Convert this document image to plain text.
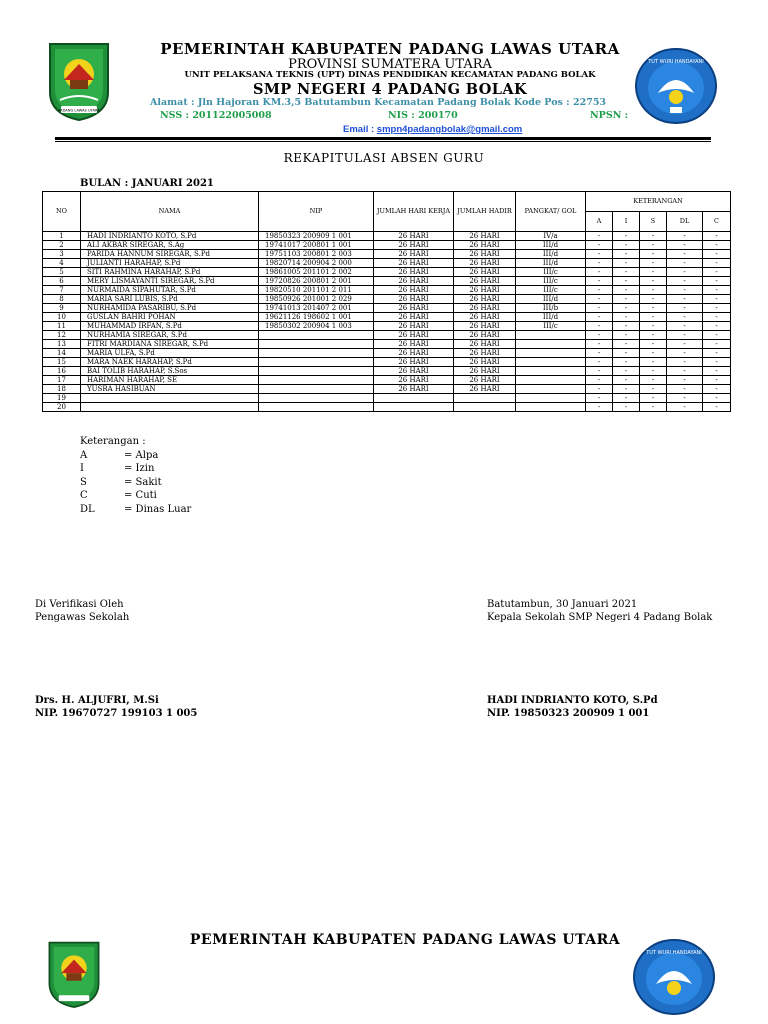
PADANG LAWAS UTARA
TUT WURI HANDAYANI
PEMERINTAH KABUPATEN PADANG LAWAS UTARA
PROVINSI SUMATERA UTARA
UNIT PELAKSANA TEKNIS (UPT) DINAS PENDIDIKAN KECAMATAN PADANG BOLAK
SMP NEGERI 4 PADANG BOLAK
Alamat : Jln Hajoran KM.3,5 Batutambun Kecamatan Padang Bolak Kode Pos : 22753
NSS : 201122005008	NIS : 200170	NPSN :
Email : smpn4padangbolak@gmail.com
REKAPITULASI ABSEN GURU
BULAN : JANUARI 2021
NO	NAMA	NIP	JUMLAH HARI KERJA	JUMLAH HADIR	PANGKAT/ GOL	KETERANGAN				
						A	I	S	DL	C
1	HADI INDRIANTO KOTO, S.Pd	19850323 200909 1 001	26 HARI	26 HARI	IV/a	-	-	-	-	-
2	ALI AKBAR SIREGAR, S.Ag	19741017 200801 1 001	26 HARI	26 HARI	III/d	-	-	-	-	-
3	PARIDA HANNUM SIREGAR, S.Pd	19751103 200801 2 003	26 HARI	26 HARI	III/d	-	-	-	-	-
4	JULIANTI HARAHAP, S.Pd	19820714 200904 2 000	26 HARI	26 HARI	III/d	-	-	-	-	-
5	SITI RAHMINA HARAHAP, S.Pd	19861005 201101 2 002	26 HARI	26 HARI	III/c	-	-	-	-	-
6	MERY LISMAYANTI SIREGAR, S.Pd	19720826 200801 2 001	26 HARI	26 HARI	III/c	-	-	-	-	-
7	NURMAIDA SIPAHUTAR, S.Pd	19820510 201101 2 011	26 HARI	26 HARI	III/c	-	-	-	-	-
8	MARIA SARI LUBIS, S.Pd	19850926 201001 2 029	26 HARI	26 HARI	III/d	-	-	-	-	-
9	NURHAMIDA PASARIBU, S.Pd	19741013 201407 2 001	26 HARI	26 HARI	III/b	-	-	-	-	-
10	GUSLAN BAHRI POHAN	19621126 198602 1 001	26 HARI	26 HARI	III/d	-	-	-	-	-
11	MUHAMMAD IRFAN, S.Pd	19850302 200904 1 003	26 HARI	26 HARI	III/c	-	-	-	-	-
12	NURHAMIA SIREGAR, S.Pd		26 HARI	26 HARI		-	-	-	-	-
13	FITRI MARDIANA SIREGAR, S.Pd		26 HARI	26 HARI		-	-	-	-	-
14	MARIA ULFA, S.Pd		26 HARI	26 HARI		-	-	-	-	-
15	MARA NAEK HARAHAP, S.Pd		26 HARI	26 HARI		-	-	-	-	-
16	BAI TOLIB HARAHAP, S.Sos		26 HARI	26 HARI		-	-	-	-	-
17	HARIMAN HARAHAP, SE		26 HARI	26 HARI		-	-	-	-	-
18	YUSRA HASIBUAN		26 HARI	26 HARI		-	-	-	-	-
19						-	-	-	-	-
20						-	-	-	-	-
Keterangan :
A	= Alpa
I	= Izin
S	= Sakit
C	= Cuti
DL	= Dinas Luar
Di Verifikasi Oleh
Pengawas Sekolah
Drs. H. ALJUFRI, M.Si
NIP. 19670727 199103 1 005
Batutambun, 30 Januari 2021
Kepala Sekolah SMP Negeri 4 Padang Bolak
HADI INDRIANTO KOTO, S.Pd
NIP. 19850323 200909 1 001
PEMERINTAH KABUPATEN PADANG LAWAS UTARA
TUT WURI HANDAYANI
